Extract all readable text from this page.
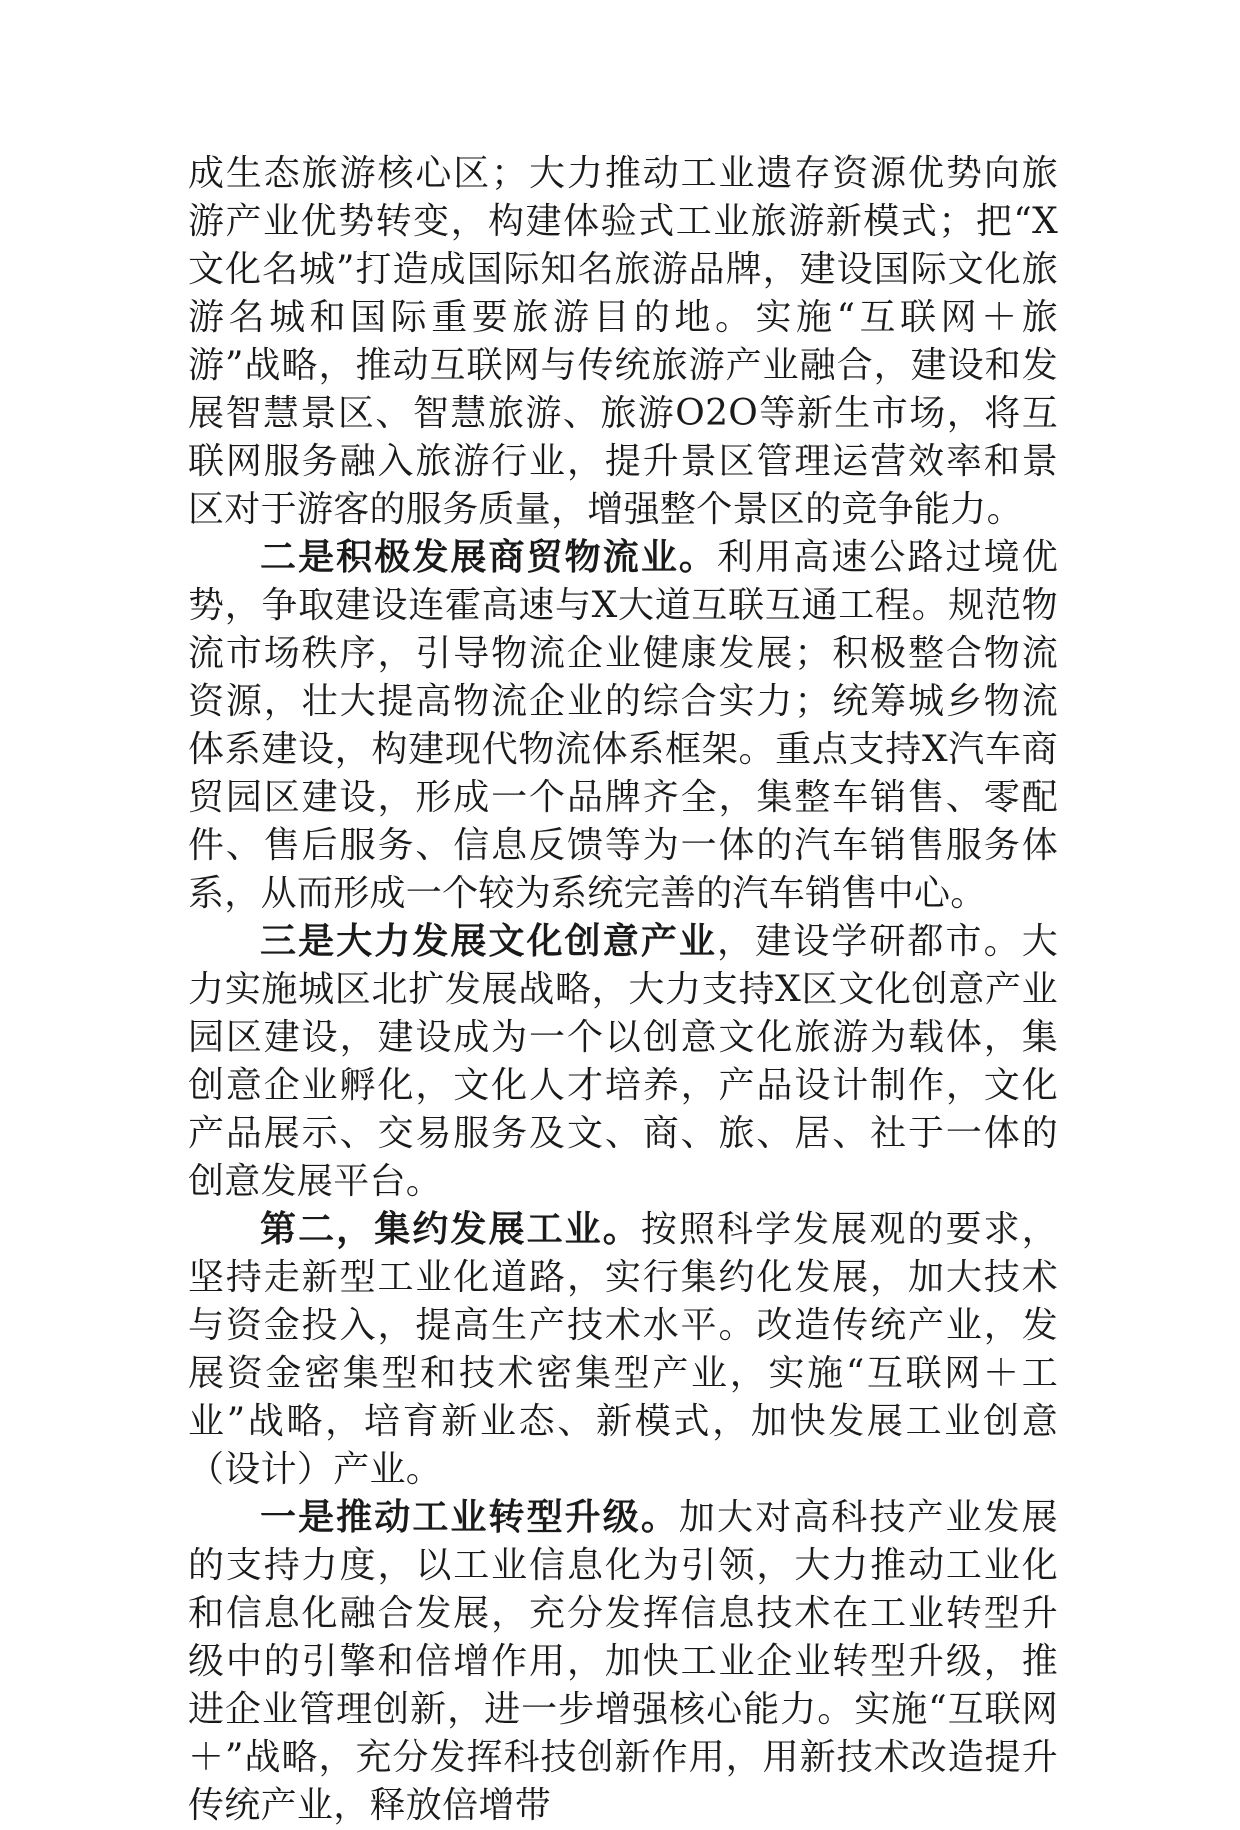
成生态旅游核心区；大力推动工业遗存资源优势向旅游产业优势转变，构建体验式工业旅游新模式；把“X文化名城”打造成国际知名旅游品牌，建设国际文化旅游名城和国际重要旅游目的地。实施“互联网＋旅游”战略，推动互联网与传统旅游产业融合，建设和发展智慧景区、智慧旅游、旅游O2O等新生市场，将互联网服务融入旅游行业，提升景区管理运营效率和景区对于游客的服务质量，增强整个景区的竞争能力。

二是积极发展商贸物流业。利用高速公路过境优势，争取建设连霍高速与X大道互联互通工程。规范物流市场秩序，引导物流企业健康发展；积极整合物流资源，壮大提高物流企业的综合实力；统筹城乡物流体系建设，构建现代物流体系框架。重点支持X汽车商贸园区建设，形成一个品牌齐全，集整车销售、零配件、售后服务、信息反馈等为一体的汽车销售服务体系，从而形成一个较为系统完善的汽车销售中心。

三是大力发展文化创意产业，建设学研都市。大力实施城区北扩发展战略，大力支持X区文化创意产业园区建设，建设成为一个以创意文化旅游为载体，集创意企业孵化，文化人才培养，产品设计制作，文化产品展示、交易服务及文、商、旅、居、社于一体的创意发展平台。

第二，集约发展工业。按照科学发展观的要求，坚持走新型工业化道路，实行集约化发展，加大技术与资金投入，提高生产技术水平。改造传统产业，发展资金密集型和技术密集型产业，实施“互联网＋工业”战略，培育新业态、新模式，加快发展工业创意（设计）产业。

一是推动工业转型升级。加大对高科技产业发展的支持力度，以工业信息化为引领，大力推动工业化和信息化融合发展，充分发挥信息技术在工业转型升级中的引擎和倍增作用，加快工业企业转型升级，推进企业管理创新，进一步增强核心能力。实施“互联网＋”战略，充分发挥科技创新作用，用新技术改造提升传统产业，释放倍增带
